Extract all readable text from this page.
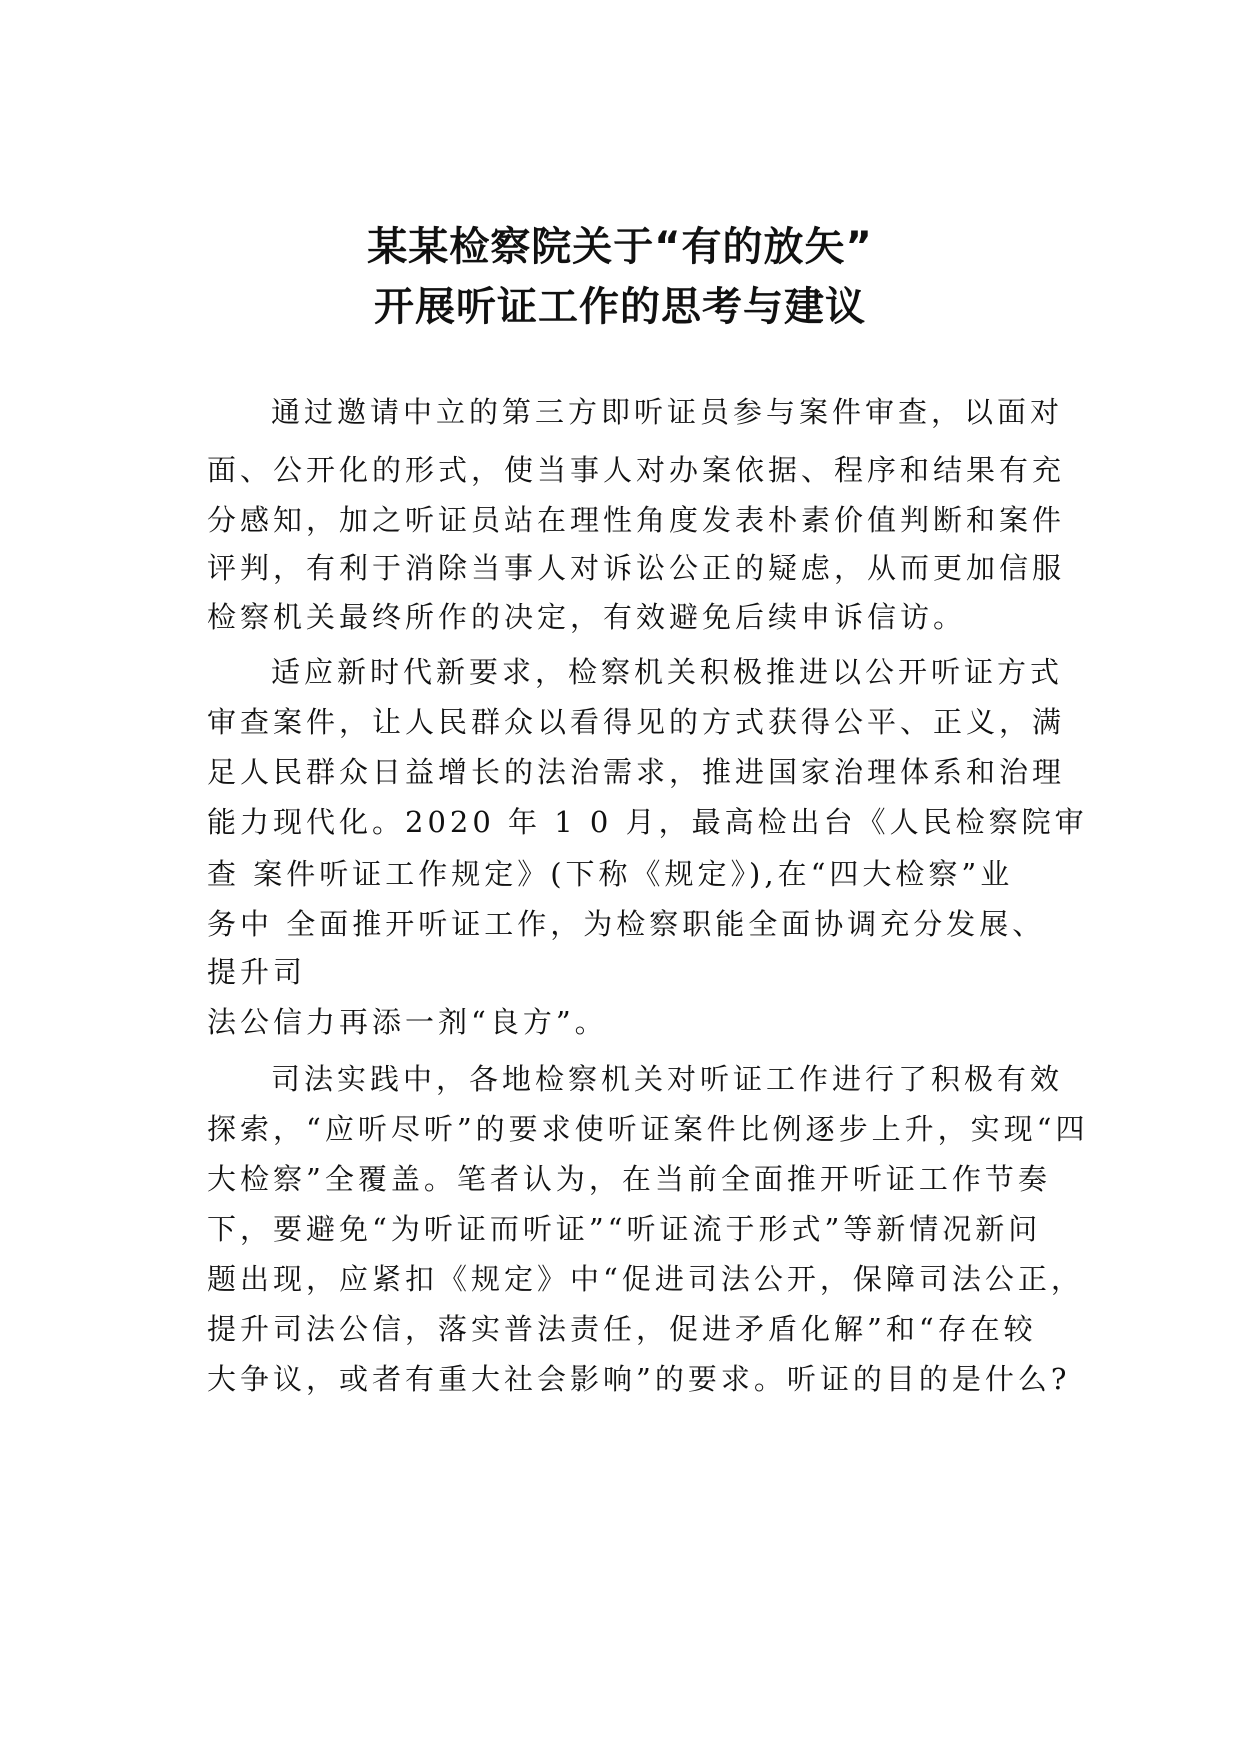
某某检察院关于“有的放矢”
开展听证工作的思考与建议
通过邀请中立的第三方即听证员参与案件审查，以面对
面、公开化的形式，使当事人对办案依据、程序和结果有充
分感知，加之听证员站在理性角度发表朴素价值判断和案件
评判，有利于消除当事人对诉讼公正的疑虑，从而更加信服
检察机关最终所作的决定，有效避免后续申诉信访。
适应新时代新要求，检察机关积极推进以公开听证方式
审查案件，让人民群众以看得见的方式获得公平、正义，满
足人民群众日益增长的法治需求，推进国家治理体系和治理
能力现代化。2020 年 1 0 月，最高检出台《人民检察院审
查 案件听证工作规定》(下称《规定》),在“四大检察”业
务中 全面推开听证工作，为检察职能全面协调充分发展、
提升司
法公信力再添一剂“良方”。
司法实践中，各地检察机关对听证工作进行了积极有效
探索，“应听尽听”的要求使听证案件比例逐步上升，实现“四
大检察”全覆盖。笔者认为，在当前全面推开听证工作节奏
下，要避免“为听证而听证”“听证流于形式”等新情况新问
题出现，应紧扣《规定》中“促进司法公开，保障司法公正，
提升司法公信，落实普法责任，促进矛盾化解”和“存在较
大争议，或者有重大社会影响”的要求。听证的目的是什么?
